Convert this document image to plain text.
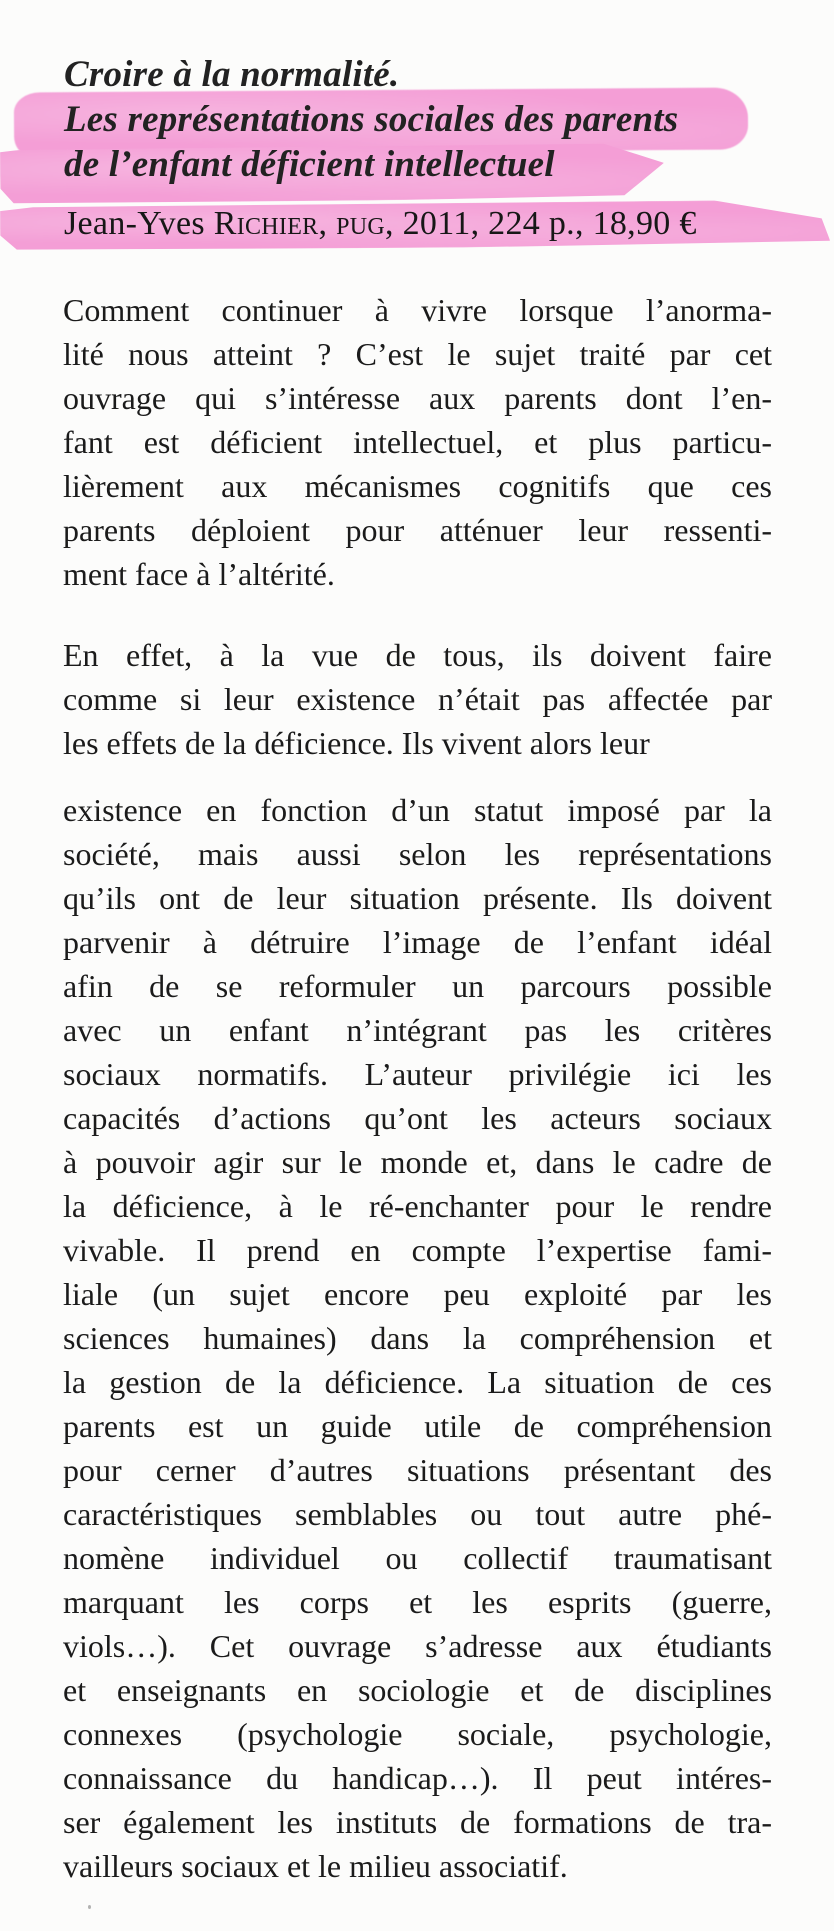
Croire à la normalité.
Les représentations sociales des parents
de l’enfant déficient intellectuel
Jean-Yves Richier, pug, 2011, 224 p., 18,90 €

Comment continuer à vivre lorsque l’anorma-
lité nous atteint ? C’est le sujet traité par cet
ouvrage qui s’intéresse aux parents dont l’en-
fant est déficient intellectuel, et plus particu-
lièrement aux mécanismes cognitifs que ces
parents déploient pour atténuer leur ressenti-
ment face à l’altérité.

En effet, à la vue de tous, ils doivent faire
comme si leur existence n’était pas affectée par
les effets de la déficience. Ils vivent alors leur

existence en fonction d’un statut imposé par la
société, mais aussi selon les représentations
qu’ils ont de leur situation présente. Ils doivent
parvenir à détruire l’image de l’enfant idéal
afin de se reformuler un parcours possible
avec un enfant n’intégrant pas les critères
sociaux normatifs. L’auteur privilégie ici les
capacités d’actions qu’ont les acteurs sociaux
à pouvoir agir sur le monde et, dans le cadre de
la déficience, à le ré-enchanter pour le rendre
vivable. Il prend en compte l’expertise fami-
liale (un sujet encore peu exploité par les
sciences humaines) dans la compréhension et
la gestion de la déficience. La situation de ces
parents est un guide utile de compréhension
pour cerner d’autres situations présentant des
caractéristiques semblables ou tout autre phé-
nomène individuel ou collectif traumatisant
marquant les corps et les esprits (guerre,
viols…). Cet ouvrage s’adresse aux étudiants
et enseignants en sociologie et de disciplines
connexes (psychologie sociale, psychologie,
connaissance du handicap…). Il peut intéres-
ser également les instituts de formations de tra-
vailleurs sociaux et le milieu associatif.
